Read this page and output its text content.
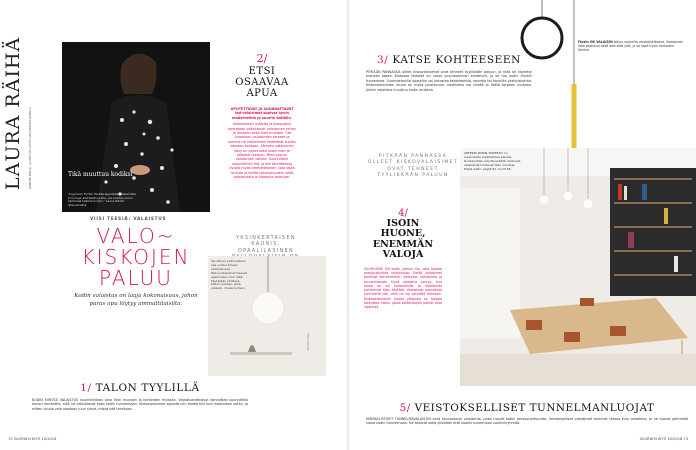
LAURA RÄIHÄ VIIMEISEN PÄÄLLÄ – JA OMA TYYLI LÖYTYY, KUN USKALTAA KOKEILLA	Tikä muuttuu kodiksi
"Ingmarin Furitin Pedderajaudella valaisimilla kruunuja arkkitehtuuriilla, jos luottaa omiin silmiinsä kaikkia kodiin." Laura Räihä @lauraraiha
2/
ETSI OSAAVAA APUA
UPOTETTAVAT JA SUUNNATTAVAT led-valaisimet sopivat hyvin moderneihin ja suuriin kotihiin.
Valaistuksen määrän ja kiskoyjenn toistetaan valkuttavat valaisimen tehon ja muodon sekä tilan muodon. Ota huomioon valaisimien tarpeet ja asenna ne valaisimien laskelmat kuvien oikeaan kohtaan. Lämmin valaisimen sävy on paras sekä kodin tilan ja oikeasti teeman. Mieti sopiva valaisimen valinta. Suunnittele luonnollinen tila, ja ota tarvittaessa avuksi myös ammattilainen, joka osaa neuvoa ja tehdä kokonaisuuden sekä valaisimista ja kiskoista toimivan.
YKSINKERTAISEN KAUNIS, OPAALILASINEN
VIISI TEESIÄ: VALAISTUS
VALO~
KISKOJEN
PALUU
Kodin valaistus on laaja kokonaisuus, johon paras apu löytyy ammattilaisilta.
Tavallinen pallovalaisin saa uuden ilmeen valokiskossa. Pallonvalaisimet tulevat ajattomiksi, kun niitä käytetään yhdessä kiskon kanssa. Glob-valaisin, Classica Deco.
VALOKUVAAJA
1/ TALON TYYLILLÄ
KODIN KIINTEÄ VALAISTUS suunnitellaan aina tilan muodon ja kohteiden mukaan. Valaistusratkaisut kannattaa suunnitella ennen remonttia, sillä ne vaikuttavat koko kodin tunnelmaan. Kiskovalaisimet sopivat niin moderniin kuin klassiseen kotiin, ja niiden avulla valo saadaan juuri sinne, missä sitä tarvitaan.
72 GLORIA'N KOTI 10/2018
3/ KATSE KOHTEESEEN
PITKÄÄN PANNASSA olleet kiskovalaisimet ovat tehneet tyylikkään paluun, ja niitä on käytetty monella tapaa. Kiskossa tärkeää on valon suuntaaminen kohteisiin, ja se tuo kodin tiloihin tunnelmaa. Suunnattavilla spoteilla voi korostaa taideteoksia, kasveja tai kauniita yksityiskohtia. Kiskovalaisimien etuna on myös joustavuus: valaisimia voi siirtää ja lisätä tarpeen mukaan, jolloin valaistus muuttuu kodin mukana.
Flosin OK VALAISIN kelluu vaijerilla veistoksellisena. Valaisimen valo ohjautuu sekä alas että ylös, ja se sopii hyvin korkeisiin tiloihin.
PITKÄÄN PANNASSA OLLEET KISKOVALAISIMET OVAT TEHNEET TYYLIKKÄÄN PALUUN
4/
ISOIN HUONE,
ENEMMÄN
VALOJA
OLOHUONE ON kodin yleisin tila, joka kaipaa monipuolisinta valaistusta. Sieltä valaisimet toimivat kerroksittain: yleisvalo, kohdevalo ja tunnelmavalo. Hyvä valaistus syntyy, kun valoa on eri korkeuksilla ja valaisimet palvelevat tilan käyttöä. Valaisimet kannattaa ryhmitellä niin, että ne voi sytyttää erikseen. Kiskovalaisimien avulla yleisvalo on helppo toteuttaa tilaan, jossa kattovalojen paikat ovat rajalliset.
ARTEKIN KODIN TOIMISTO on suunniteltu arkkitehtien kanssa. Ruokailutilan pöydän päällä roikkuvat valaisimet toistavat tilan muotoja. Pöytä Aalto, pöytä 81, tuolit 65.
5/ VEISTOKSELLISET TUNNELMANLUOJAT
MINIMALISTISET TUNNELMAVALAISTIN ovat kiinnostavia valaisimia, jotka tuovat kotiin persoonallisuutta. Veistokselliset valaisimet toimivat tilassa kuin taideteos, ja ne tuovat pehmeää valoa kodin tunnelmaan. Ne sopivat sekä yksinään että osaksi suurempaa valaisinryhmää.
GLORIA'N KOTI 10/2018 73
